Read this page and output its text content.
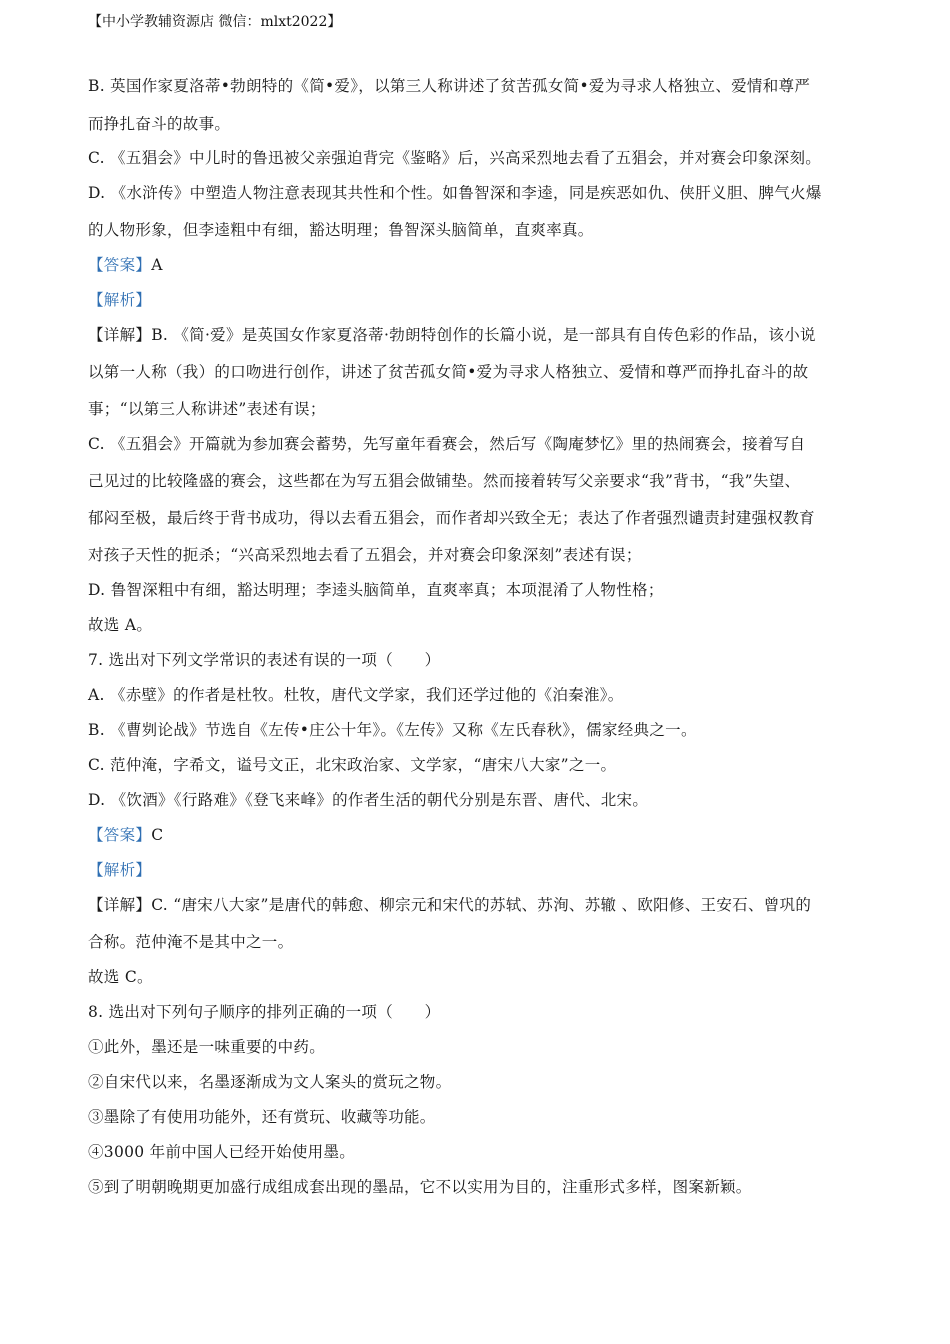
【中小学教辅资源店 微信：mlxt2022】
B. 英国作家夏洛蒂•勃朗特的《简•爱》，以第三人称讲述了贫苦孤女简•爱为寻求人格独立、爱情和尊严
而挣扎奋斗的故事。
C. 《五猖会》中儿时的鲁迅被父亲强迫背完《鉴略》后，兴高采烈地去看了五猖会，并对赛会印象深刻。
D. 《水浒传》中塑造人物注意表现其共性和个性。如鲁智深和李逵，同是疾恶如仇、侠肝义胆、脾气火爆
的人物形象，但李逵粗中有细，豁达明理；鲁智深头脑简单，直爽率真。
【答案】A
【解析】
【详解】B. 《简·爱》是英国女作家夏洛蒂·勃朗特创作的长篇小说，是一部具有自传色彩的作品，该小说
以第一人称（我）的口吻进行创作，讲述了贫苦孤女简•爱为寻求人格独立、爱情和尊严而挣扎奋斗的故
事；“以第三人称讲述”表述有误；
C. 《五猖会》开篇就为参加赛会蓄势，先写童年看赛会，然后写《陶庵梦忆》里的热闹赛会，接着写自
己见过的比较隆盛的赛会，这些都在为写五猖会做铺垫。然而接着转写父亲要求“我”背书，“我”失望、
郁闷至极，最后终于背书成功，得以去看五猖会，而作者却兴致全无；表达了作者强烈谴责封建强权教育
对孩子天性的扼杀；“兴高采烈地去看了五猖会，并对赛会印象深刻”表述有误；
D. 鲁智深粗中有细，豁达明理；李逵头脑简单，直爽率真；本项混淆了人物性格；
故选 A。
7. 选出对下列文学常识的表述有误的一项（　　）
A. 《赤壁》的作者是杜牧。杜牧，唐代文学家，我们还学过他的《泊秦淮》。
B. 《曹刿论战》节选自《左传•庄公十年》。《左传》又称《左氏春秋》，儒家经典之一。
C. 范仲淹，字希文，谥号文正，北宋政治家、文学家，“唐宋八大家”之一。
D. 《饮酒》《行路难》《登飞来峰》的作者生活的朝代分别是东晋、唐代、北宋。
【答案】C
【解析】
【详解】C. “唐宋八大家”是唐代的韩愈、柳宗元和宋代的苏轼、苏洵、苏辙 、欧阳修、王安石、曾巩的
合称。范仲淹不是其中之一。
故选 C。
8. 选出对下列句子顺序的排列正确的一项（　　）
①此外，墨还是一味重要的中药。
②自宋代以来，名墨逐渐成为文人案头的赏玩之物。
③墨除了有使用功能外，还有赏玩、收藏等功能。
④3000 年前中国人已经开始使用墨。
⑤到了明朝晚期更加盛行成组成套出现的墨品，它不以实用为目的，注重形式多样，图案新颖。
